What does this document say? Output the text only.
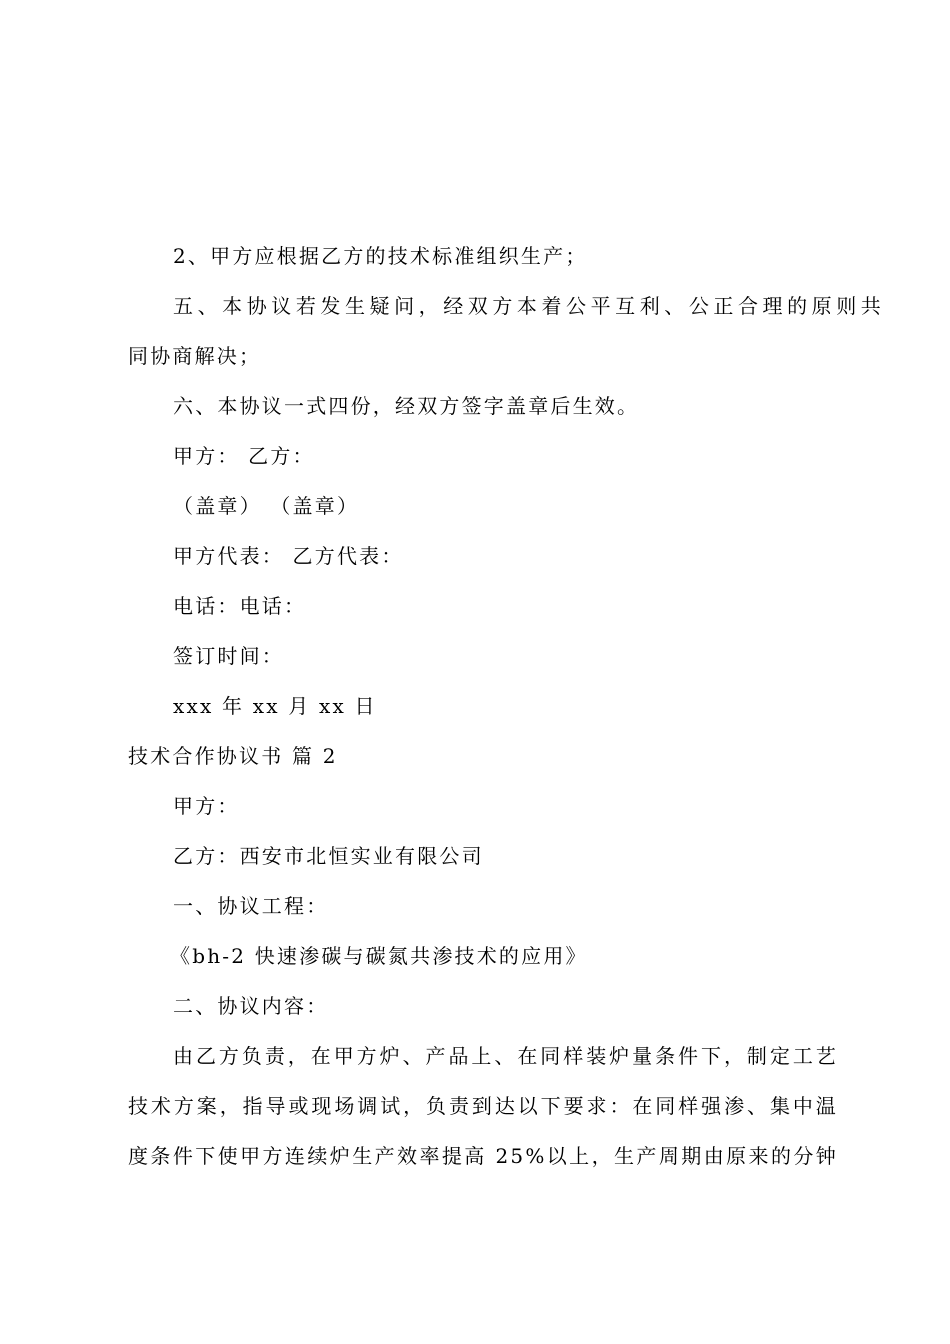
2、甲方应根据乙方的技术标准组织生产；
五、本协议若发生疑问，经双方本着公平互利、公正合理的原则共
同协商解决；
六、本协议一式四份，经双方签字盖章后生效。
甲方： 乙方：
（盖章） （盖章）
甲方代表： 乙方代表：
电话：电话：
签订时间：
xxx 年 xx 月 xx 日
技术合作协议书 篇 2
甲方：
乙方：西安市北恒实业有限公司
一、协议工程：
《bh-2 快速渗碳与碳氮共渗技术的应用》
二、协议内容：
由乙方负责，在甲方炉、产品上、在同样装炉量条件下，制定工艺
技术方案，指导或现场调试，负责到达以下要求：在同样强渗、集中温
度条件下使甲方连续炉生产效率提高 25%以上，生产周期由原来的分钟
